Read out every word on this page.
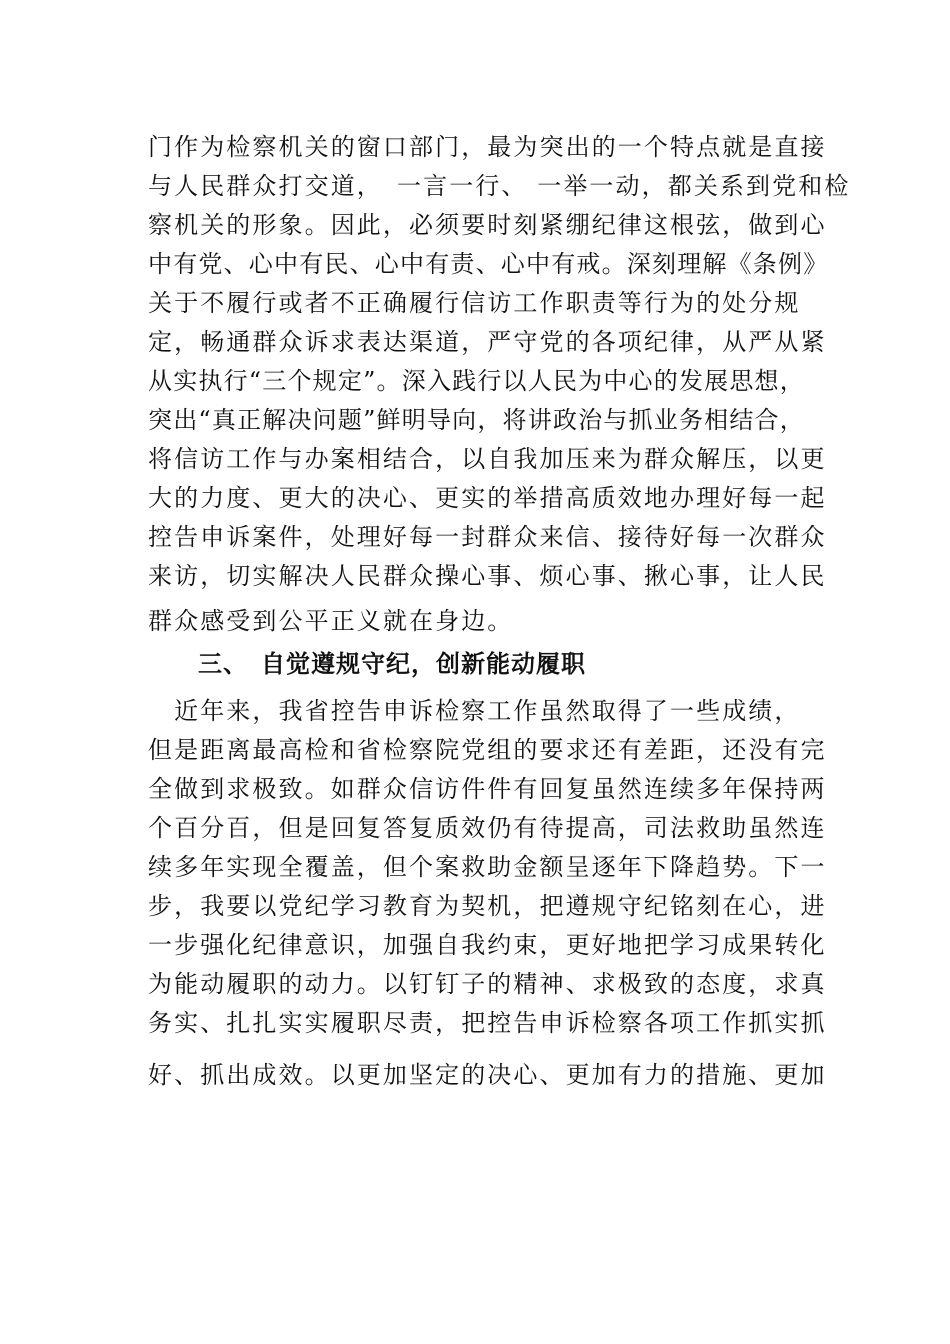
门作为检察机关的窗口部门，最为突出的一个特点就是直接
与人民群众打交道，　一言一行、 一举一动，都关系到党和检
察机关的形象。因此，必须要时刻紧绷纪律这根弦，做到心
中有党、心中有民、心中有责、心中有戒。深刻理解《条例》
关于不履行或者不正确履行信访工作职责等行为的处分规
定，畅通群众诉求表达渠道，严守党的各项纪律，从严从紧
从实执行“三个规定”。深入践行以人民为中心的发展思想，
突出“真正解决问题”鲜明导向，将讲政治与抓业务相结合，
将信访工作与办案相结合，以自我加压来为群众解压，以更
大的力度、更大的决心、更实的举措高质效地办理好每一起
控告申诉案件，处理好每一封群众来信、接待好每一次群众
来访，切实解决人民群众操心事、烦心事、揪心事，让人民
群众感受到公平正义就在身边。
三、　自觉遵规守纪，创新能动履职
　近年来，我省控告申诉检察工作虽然取得了一些成绩，
但是距离最高检和省检察院党组的要求还有差距，还没有完
全做到求极致。如群众信访件件有回复虽然连续多年保持两
个百分百，但是回复答复质效仍有待提高，司法救助虽然连
续多年实现全覆盖，但个案救助金额呈逐年下降趋势。下一
步，我要以党纪学习教育为契机，把遵规守纪铭刻在心，进
一步强化纪律意识，加强自我约束，更好地把学习成果转化
为能动履职的动力。以钉钉子的精神、求极致的态度，求真
务实、扎扎实实履职尽责，把控告申诉检察各项工作抓实抓
好、抓出成效。以更加坚定的决心、更加有力的措施、更加
